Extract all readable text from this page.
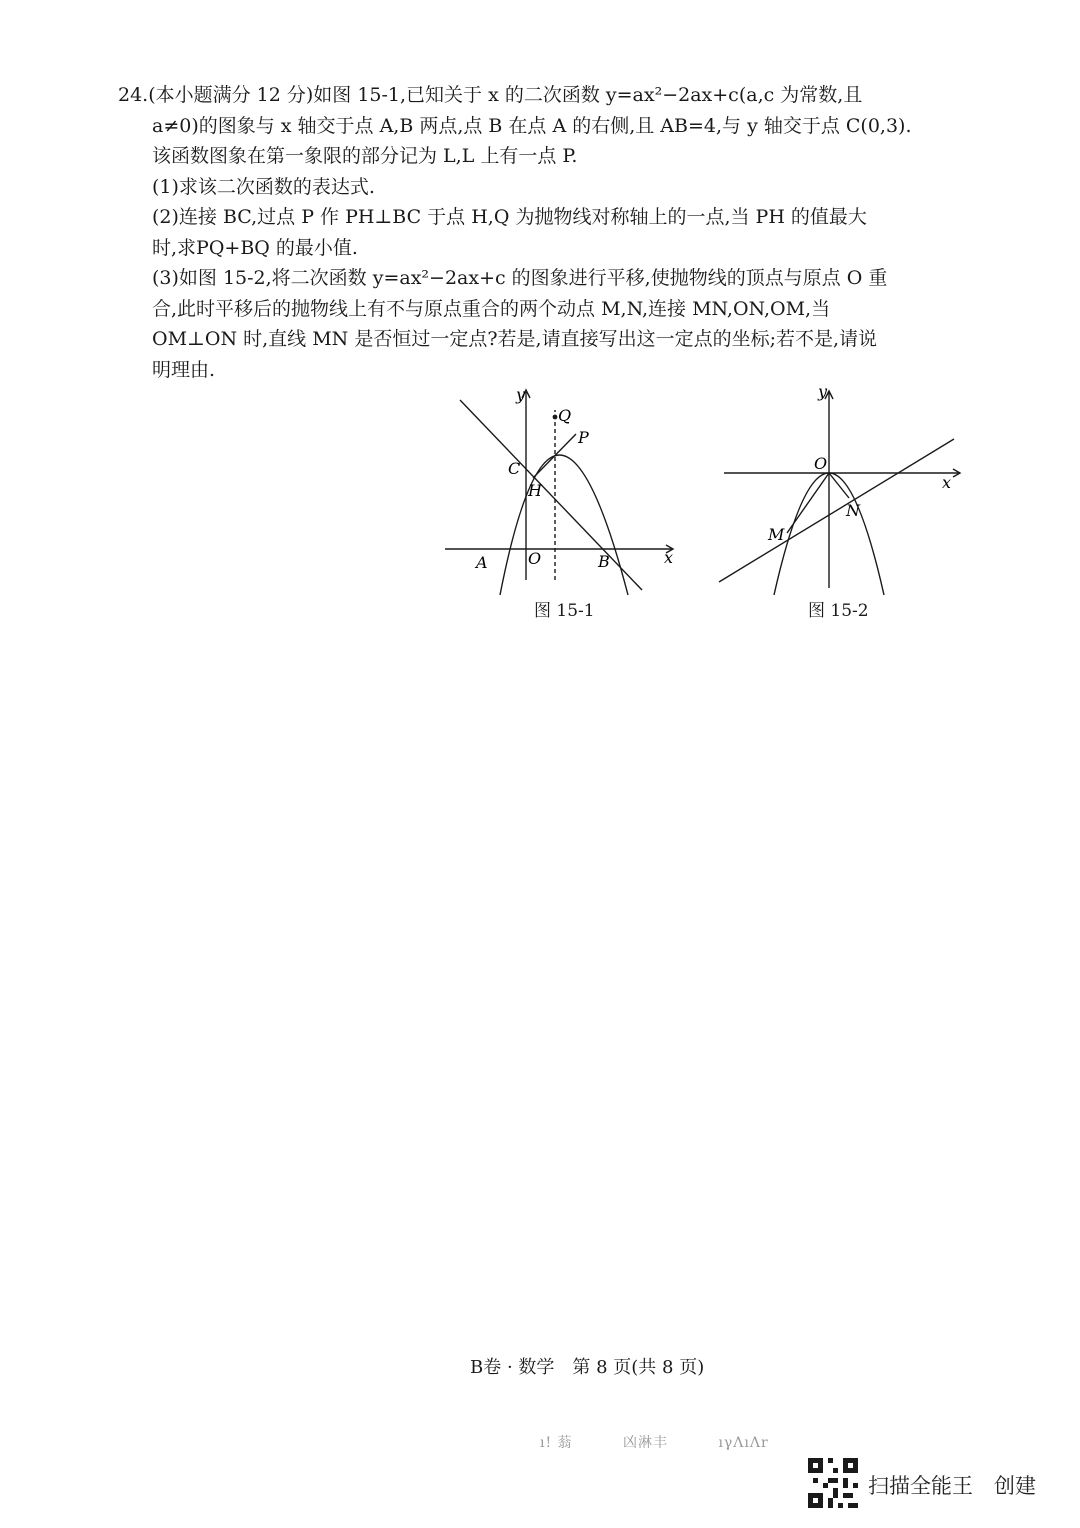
24.(本小题满分 12 分)如图 15-1,已知关于 x 的二次函数 y=ax²−2ax+c(a,c 为常数,且
a≠0)的图象与 x 轴交于点 A,B 两点,点 B 在点 A 的右侧,且 AB=4,与 y 轴交于点 C(0,3).
该函数图象在第一象限的部分记为 L,L 上有一点 P.
(1)求该二次函数的表达式.
(2)连接 BC,过点 P 作 PH⊥BC 于点 H,Q 为抛物线对称轴上的一点,当 PH 的值最大
时,求PQ+BQ 的最小值.
(3)如图 15-2,将二次函数 y=ax²−2ax+c 的图象进行平移,使抛物线的顶点与原点 O 重
合,此时平移后的抛物线上有不与原点重合的两个动点 M,N,连接 MN,ON,OM,当
OM⊥ON 时,直线 MN 是否恒过一定点?若是,请直接写出这一定点的坐标;若不是,请说
明理由.
y
x
O
A	B
C
H
P
Q
图 15-1
y
x
O
M
N
图 15-2
B卷 · 数学　第 8 页(共 8 页)
ı! 蓊　　　 凶淋丰　　　 ıγΛıΛr
扫描全能王　创建
